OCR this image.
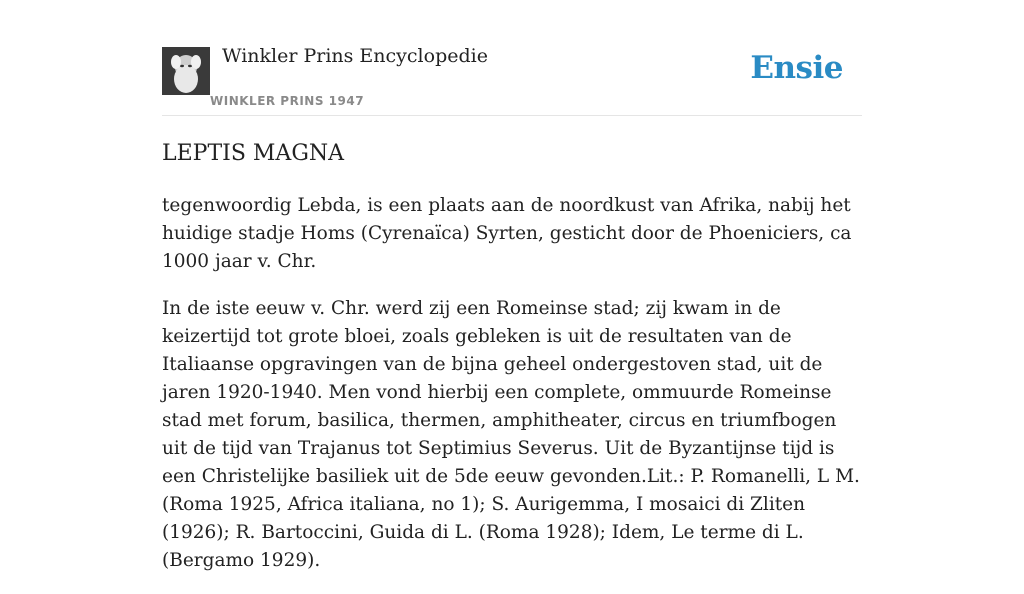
Winkler Prins Encyclopedie
WINKLER PRINS 1947
Ensie
LEPTIS MAGNA

tegenwoordig Lebda, is een plaats aan de noordkust van Afrika, nabij het huidige stadje Homs (Cyrenaïca) Syrten, gesticht door de Phoeniciers, ca 1000 jaar v. Chr.

In de iste eeuw v. Chr. werd zij een Romeinse stad; zij kwam in de keizertijd tot grote bloei, zoals gebleken is uit de resultaten van de Italiaanse opgravingen van de bijna geheel ondergestoven stad, uit de jaren 1920-1940. Men vond hierbij een complete, ommuurde Romeinse stad met forum, basilica, thermen, amphitheater, circus en triumfbogen uit de tijd van Trajanus tot Septimius Severus. Uit de Byzantijnse tijd is een Christelijke basiliek uit de 5de eeuw gevonden.Lit.: P. Romanelli, L M. (Roma 1925, Africa italiana, no 1); S. Aurigemma, I mosaici di Zliten (1926); R. Bartoccini, Guida di L. (Roma 1928); Idem, Le terme di L. (Bergamo 1929).
